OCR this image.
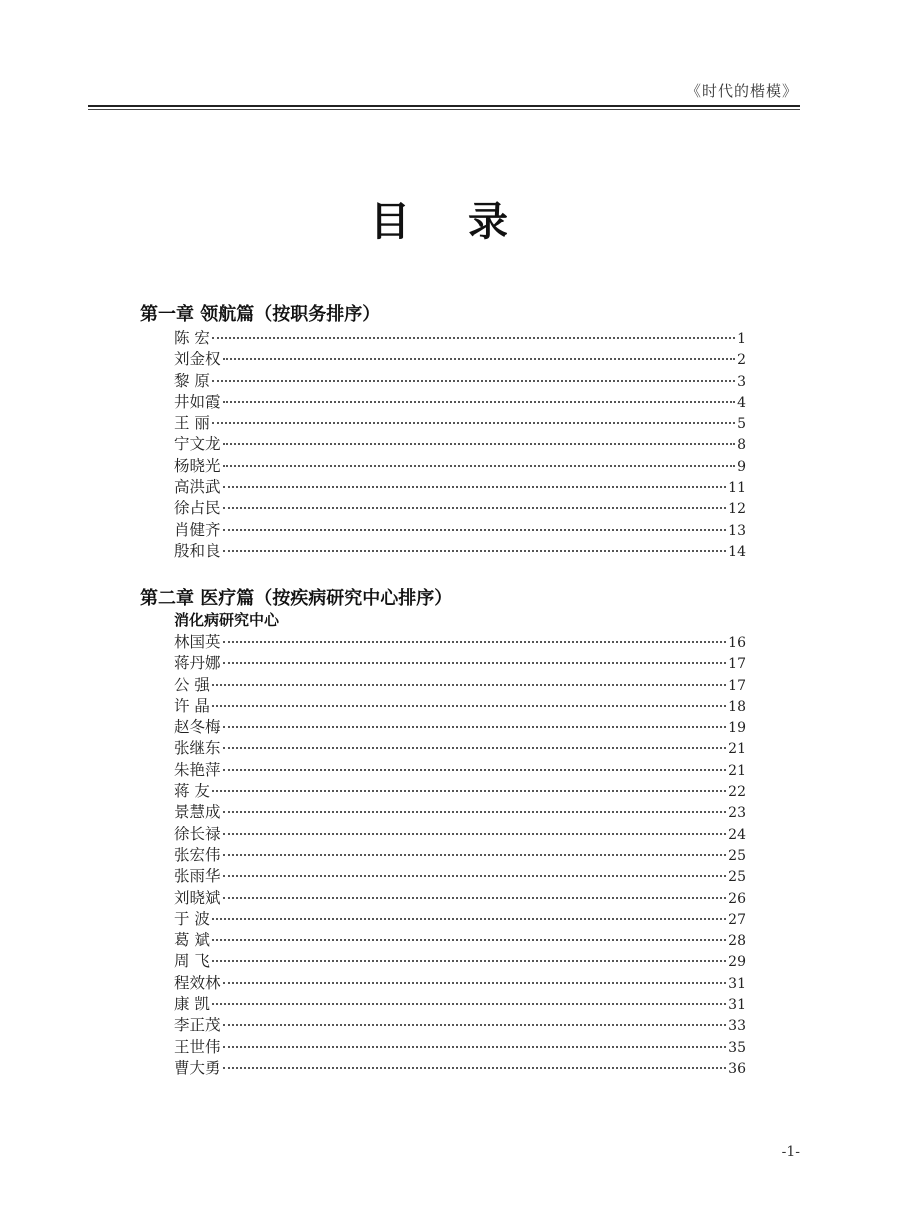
《时代的楷模》
目 录
第一章 领航篇（按职务排序）
陈 宏	1
刘金权	2
黎 原	3
井如霞	4
王 丽	5
宁文龙	8
杨晓光	9
高洪武	11
徐占民	12
肖健齐	13
殷和良	14
第二章 医疗篇（按疾病研究中心排序）
消化病研究中心
林国英	16
蒋丹娜	17
公 强	17
许 晶	18
赵冬梅	19
张继东	21
朱艳萍	21
蒋 友	22
景慧成	23
徐长禄	24
张宏伟	25
张雨华	25
刘晓斌	26
于 波	27
葛 斌	28
周 飞	29
程效林	31
康 凯	31
李正茂	33
王世伟	35
曹大勇	36
-1-
